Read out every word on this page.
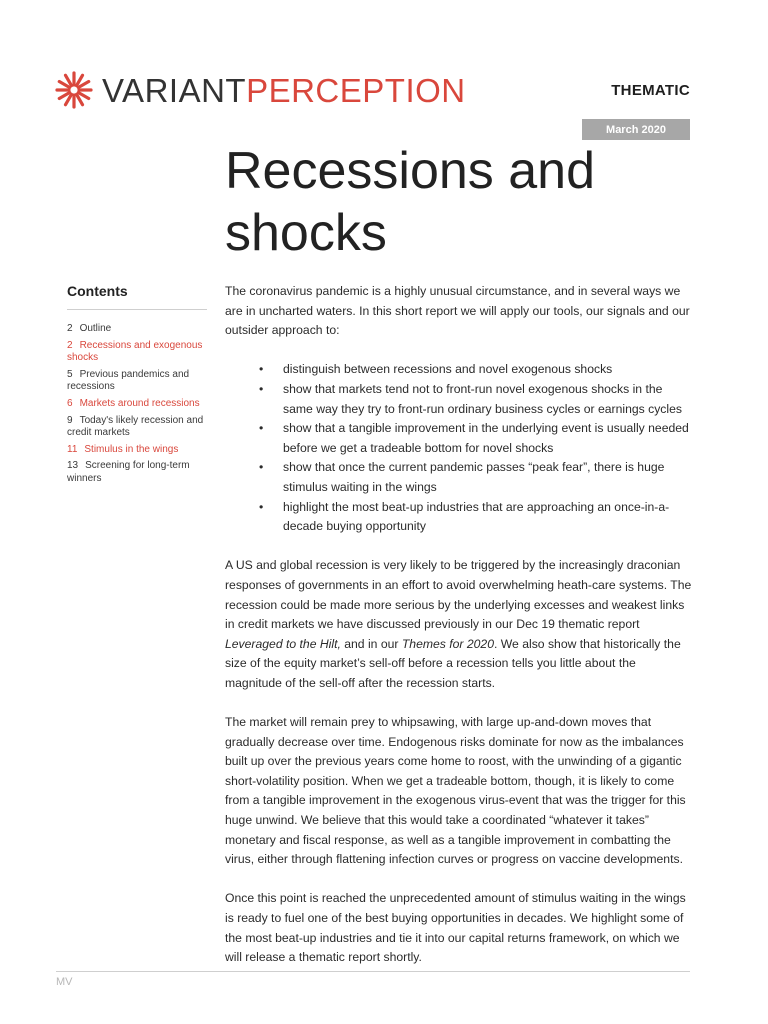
VARIANTPERCEPTION	THEMATIC
March 2020
Recessions and
shocks
Contents
2 Outline
2 Recessions and exogenous shocks
5 Previous pandemics and recessions
6 Markets around recessions
9 Today's likely recession and credit markets
11 Stimulus in the wings
13 Screening for long-term winners

The coronavirus pandemic is a highly unusual circumstance, and in several ways we are in uncharted waters. In this short report we will apply our tools, our signals and our outsider approach to:

• distinguish between recessions and novel exogenous shocks
• show that markets tend not to front-run novel exogenous shocks in the same way they try to front-run ordinary business cycles or earnings cycles
• show that a tangible improvement in the underlying event is usually needed before we get a tradeable bottom for novel shocks
• show that once the current pandemic passes “peak fear”, there is huge stimulus waiting in the wings
• highlight the most beat-up industries that are approaching an once-in-a-decade buying opportunity

A US and global recession is very likely to be triggered by the increasingly draconian responses of governments in an effort to avoid overwhelming heath-care systems. The recession could be made more serious by the underlying excesses and weakest links in credit markets we have discussed previously in our Dec 19 thematic report Leveraged to the Hilt, and in our Themes for 2020. We also show that historically the size of the equity market’s sell-off before a recession tells you little about the magnitude of the sell-off after the recession starts.

The market will remain prey to whipsawing, with large up-and-down moves that gradually decrease over time. Endogenous risks dominate for now as the imbalances built up over the previous years come home to roost, with the unwinding of a gigantic short-volatility position. When we get a tradeable bottom, though, it is likely to come from a tangible improvement in the exogenous virus-event that was the trigger for this huge unwind. We believe that this would take a coordinated “whatever it takes” monetary and fiscal response, as well as a tangible improvement in combatting the virus, either through flattening infection curves or progress on vaccine developments.

Once this point is reached the unprecedented amount of stimulus waiting in the wings is ready to fuel one of the best buying opportunities in decades. We highlight some of the most beat-up industries and tie it into our capital returns framework, on which we will release a thematic report shortly.

MV
